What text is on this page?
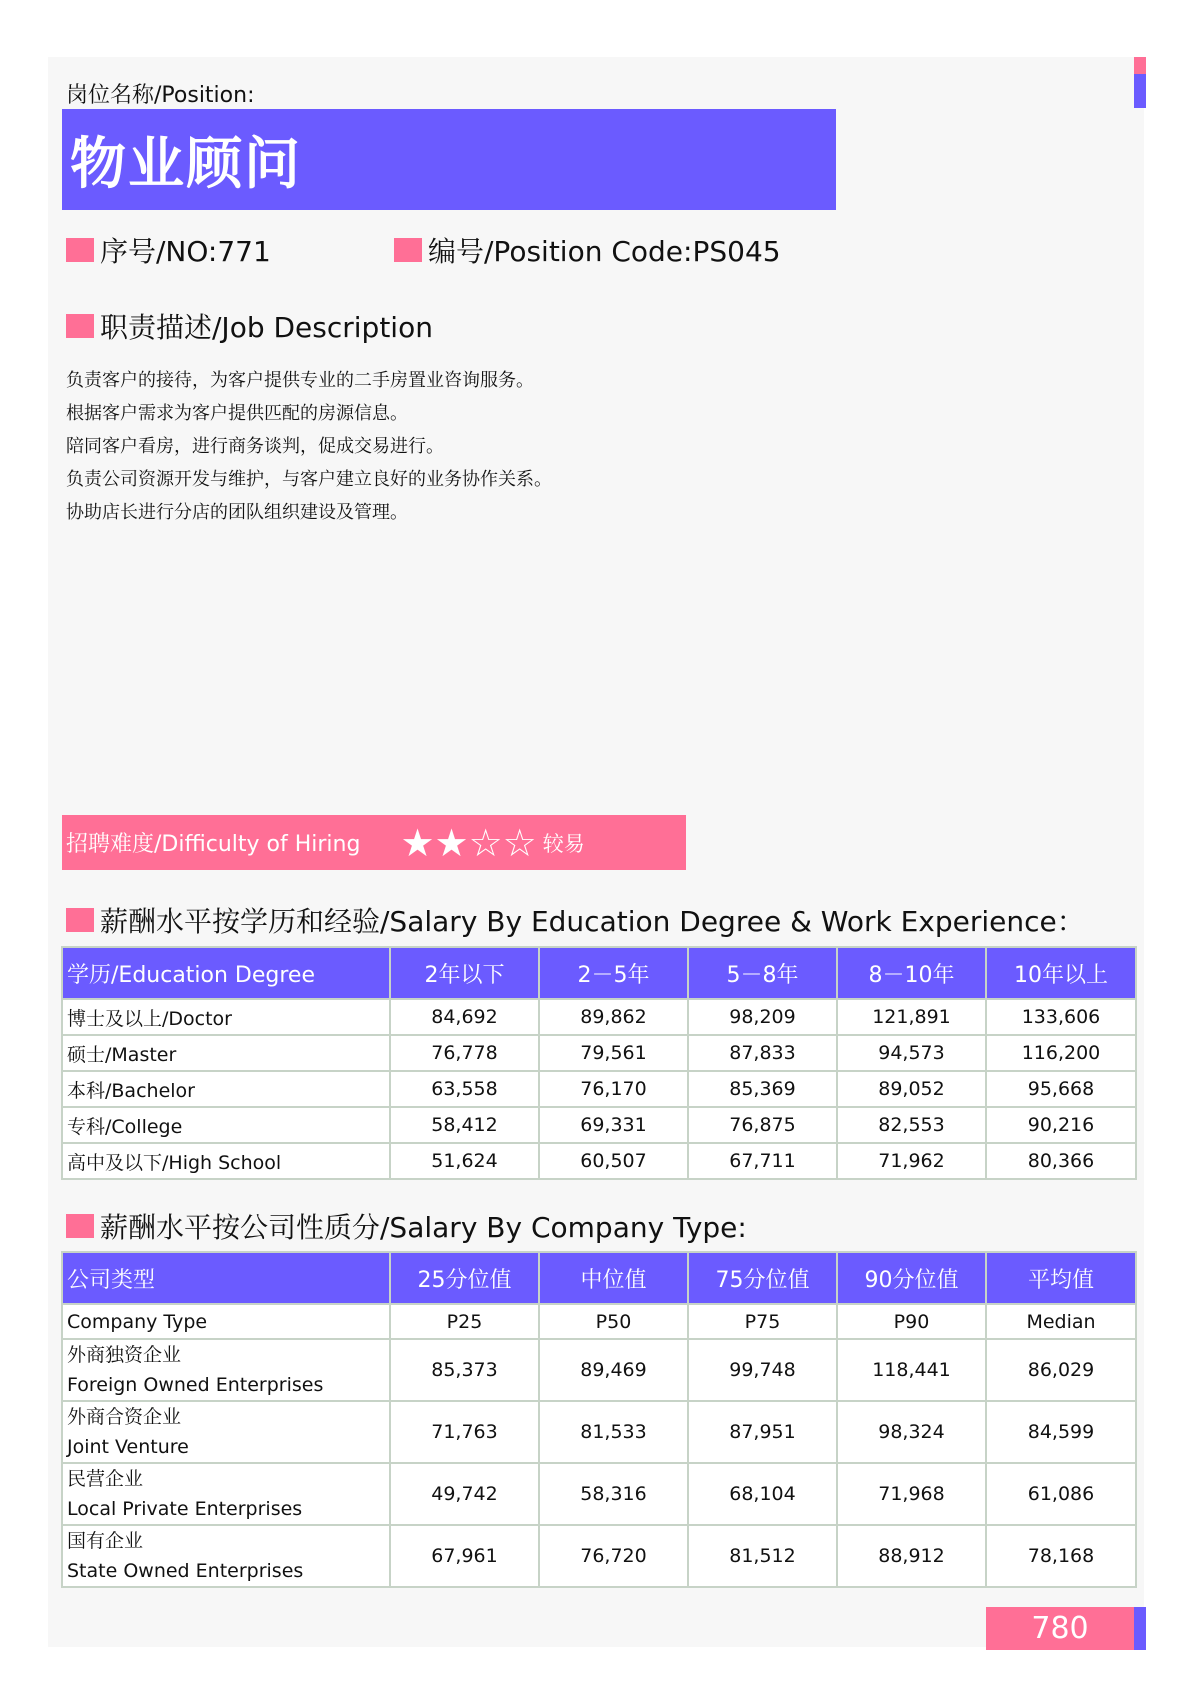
岗位名称/Position:
物业顾问
序号/NO:771	编号/Position Code:PS045
职责描述/Job Description
负责客户的接待，为客户提供专业的二手房置业咨询服务。
根据客户需求为客户提供匹配的房源信息。
陪同客户看房，进行商务谈判，促成交易进行。
负责公司资源开发与维护，与客户建立良好的业务协作关系。
协助店长进行分店的团队组织建设及管理。
招聘难度/Difficulty of Hiring ★★☆☆ 较易
薪酬水平按学历和经验/Salary By Education Degree & Work Experience：
学历/Education Degree	2年以下	2－5年	5－8年	8－10年	10年以上
博士及以上/Doctor	84,692	89,862	98,209	121,891	133,606
硕士/Master	76,778	79,561	87,833	94,573	116,200
本科/Bachelor	63,558	76,170	85,369	89,052	95,668
专科/College	58,412	69,331	76,875	82,553	90,216
高中及以下/High School	51,624	60,507	67,711	71,962	80,366
薪酬水平按公司性质分/Salary By Company Type:
公司类型	25分位值	中位值	75分位值	90分位值	平均值
Company Type	P25	P50	P75	P90	Median

外商独资企业
Foreign Owned Enterprises	85,373	89,469	99,748	118,441	86,029

外商合资企业
Joint Venture	71,763	81,533	87,951	98,324	84,599

民营企业
Local Private Enterprises	49,742	58,316	68,104	71,968	61,086

国有企业
State Owned Enterprises	67,961	76,720	81,512	88,912	78,168
780
